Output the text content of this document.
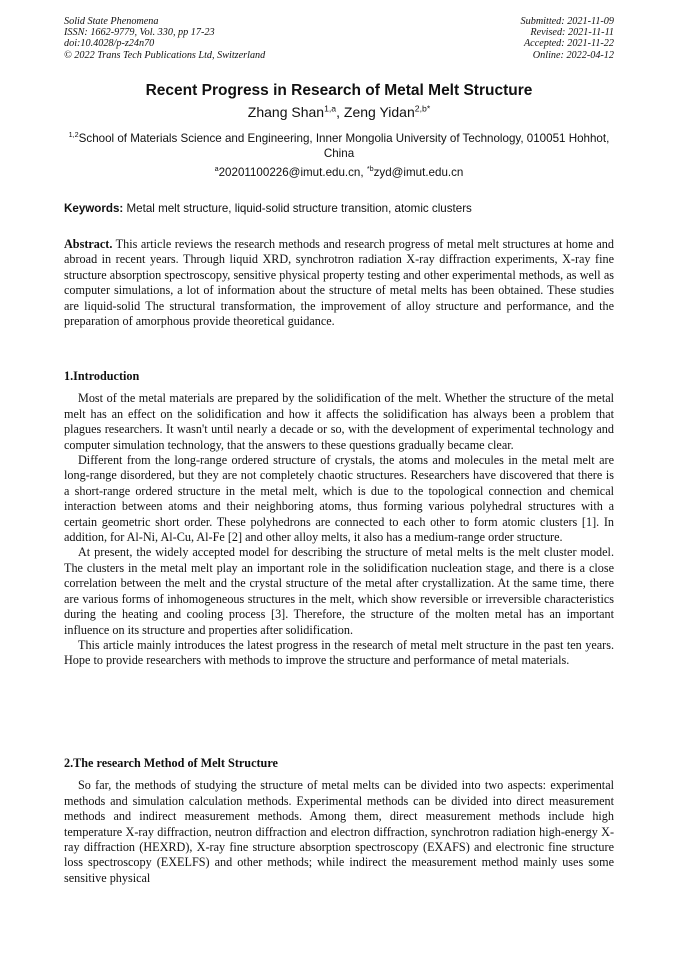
Solid State Phenomena
ISSN: 1662-9779, Vol. 330, pp 17-23
doi:10.4028/p-z24n70
© 2022 Trans Tech Publications Ltd, Switzerland
Submitted: 2021-11-09
Revised: 2021-11-11
Accepted: 2021-11-22
Online: 2022-04-12
Recent Progress in Research of Metal Melt Structure
Zhang Shan$^{1,a}$, Zeng Yidan$^{2,b*}$
$^{1,2}$School of Materials Science and Engineering, Inner Mongolia University of Technology, 010051 Hohhot, China
$^a$20201100226@imut.edu.cn, $^{*b}$zyd@imut.edu.cn
Keywords: Metal melt structure, liquid-solid structure transition, atomic clusters

Abstract. This article reviews the research methods and research progress of metal melt structures at home and abroad in recent years. Through liquid XRD, synchrotron radiation X-ray diffraction experiments, X-ray fine structure absorption spectroscopy, sensitive physical property testing and other experimental methods, as well as computer simulations, a lot of information about the structure of metal melts has been obtained. These studies are liquid-solid The structural transformation, the improvement of alloy structure and performance, and the preparation of amorphous provide theoretical guidance.

1.Introduction

Most of the metal materials are prepared by the solidification of the melt. Whether the structure of the metal melt has an effect on the solidification and how it affects the solidification has always been a problem that plagues researchers. It wasn't until nearly a decade or so, with the development of experimental technology and computer simulation technology, that the answers to these questions gradually became clear.

Different from the long-range ordered structure of crystals, the atoms and molecules in the metal melt are long-range disordered, but they are not completely chaotic structures. Researchers have discovered that there is a short-range ordered structure in the metal melt, which is due to the topological connection and chemical interaction between atoms and their neighboring atoms, thus forming various polyhedral structures with a certain geometric short order. These polyhedrons are connected to each other to form atomic clusters [1]. In addition, for Al-Ni, Al-Cu, Al-Fe [2] and other alloy melts, it also has a medium-range order structure.

At present, the widely accepted model for describing the structure of metal melts is the melt cluster model. The clusters in the metal melt play an important role in the solidification nucleation stage, and there is a close correlation between the melt and the crystal structure of the metal after crystallization. At the same time, there are various forms of inhomogeneous structures in the melt, which show reversible or irreversible characteristics during the heating and cooling process [3]. Therefore, the structure of the molten metal has an important influence on its structure and properties after solidification.

This article mainly introduces the latest progress in the research of metal melt structure in the past ten years. Hope to provide researchers with methods to improve the structure and performance of metal materials.

2.The research Method of Melt Structure

So far, the methods of studying the structure of metal melts can be divided into two aspects: experimental methods and simulation calculation methods. Experimental methods can be divided into direct measurement methods and indirect measurement methods. Among them, direct measurement methods include high temperature X-ray diffraction, neutron diffraction and electron diffraction, synchrotron radiation high-energy X-ray diffraction (HEXRD), X-ray fine structure absorption spectroscopy (EXAFS) and electronic fine structure loss spectroscopy (EXELFS) and other methods; while indirect the measurement method mainly uses some sensitive physical
